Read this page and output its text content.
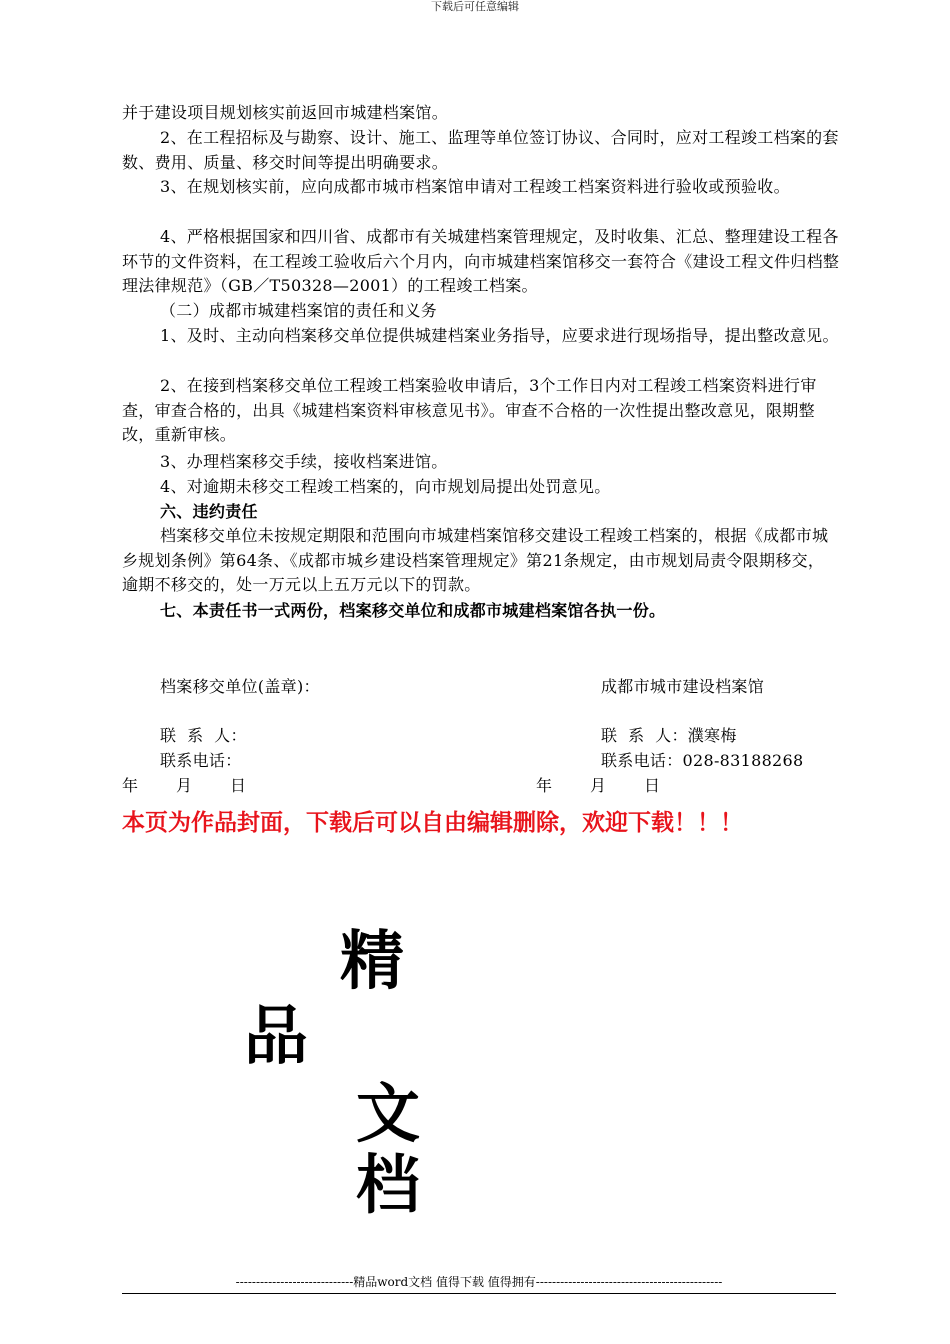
下载后可任意编辑

并于建设项目规划核实前返回市城建档案馆。

2、在工程招标及与勘察、设计、施工、监理等单位签订协议、合同时，应对工程竣工档案的套数、费用、质量、移交时间等提出明确要求。

3、在规划核实前，应向成都市城市档案馆申请对工程竣工档案资料进行验收或预验收。

4、严格根据国家和四川省、成都市有关城建档案管理规定，及时收集、汇总、整理建设工程各环节的文件资料，在工程竣工验收后六个月内，向市城建档案馆移交一套符合《建设工程文件归档整理法律规范》（GB／T50328—2001）的工程竣工档案。

（二）成都市城建档案馆的责任和义务

1、及时、主动向档案移交单位提供城建档案业务指导，应要求进行现场指导，提出整改意见。

2、在接到档案移交单位工程竣工档案验收申请后，3个工作日内对工程竣工档案资料进行审查，审查合格的，出具《城建档案资料审核意见书》。审查不合格的一次性提出整改意见，限期整改，重新审核。

3、办理档案移交手续，接收档案进馆。

4、对逾期未移交工程竣工档案的，向市规划局提出处罚意见。

六、违约责任

档案移交单位未按规定期限和范围向市城建档案馆移交建设工程竣工档案的，根据《成都市城乡规划条例》第64条、《成都市城乡建设档案管理规定》第21条规定，由市规划局责令限期移交，逾期不移交的，处一万元以上五万元以下的罚款。

七、本责任书一式两份，档案移交单位和成都市城建档案馆各执一份。

档案移交单位(盖章)：	成都市城市建设档案馆
联  系  人：	联  系  人：濮寒梅
联系电话：	联系电话：028-83188268
年       月       日	年       月       日
本页为作品封面，下载后可以自由编辑删除，欢迎下载！！！
精
品
文
档
-----------------------------精品word文档 值得下载 值得拥有----------------------------------------------
